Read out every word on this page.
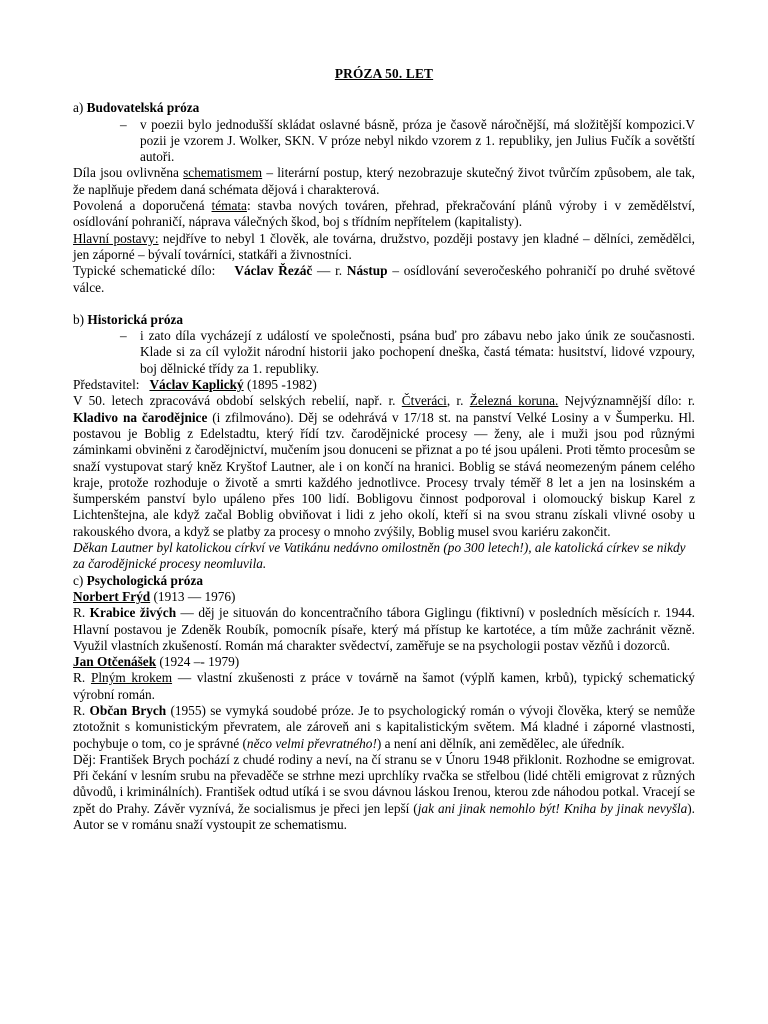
PRÓZA 50. LET

a) Budovatelská próza

– v poezii bylo jednodušší skládat oslavné básně, próza je časově náročnější, má složitější kompozici.V pozii je vzorem J. Wolker, SKN. V próze nebyl nikdo vzorem z 1. republiky, jen Julius Fučík a sovětští autoři.

Díla jsou ovlivněna schematismem – literární postup, který nezobrazuje skutečný život tvůrčím způsobem, ale tak, že naplňuje předem daná schémata dějová i charakterová.

Povolená a doporučená témata: stavba nových továren, přehrad, překračování plánů výroby i v zemědělství, osídlování pohraničí, náprava válečných škod, boj s třídním nepřítelem (kapitalisty).

Hlavní postavy: nejdříve to nebyl 1 člověk, ale továrna, družstvo, později postavy jen kladné – dělníci, zemědělci, jen záporné – bývalí továrníci, statkáři a živnostníci.

Typické schematické dílo:    Václav Řezáč — r. Nástup – osídlování severočeského pohraničí po druhé světové válce.

b) Historická próza

– i zato díla vycházejí z událostí ve společnosti, psána buď pro zábavu nebo jako únik ze současnosti. Klade si za cíl vyložit národní historii jako pochopení dneška, častá témata: husitství, lidové vzpoury, boj dělnické třídy za 1. republiky.

Představitel:   Václav Kaplický (1895 -1982)

V 50. letech zpracovává období selských rebelií, např. r. Čtveráci, r. Železná koruna. Nejvýznamnější dílo: r. Kladivo na čarodějnice (i zfilmováno). Děj se odehrává v 17/18 st. na panství Velké Losiny a v Šumperku. Hl. postavou je Boblig z Edelstadtu, který řídí tzv. čarodějnické procesy — ženy, ale i muži jsou pod různými záminkami obviněni z čarodějnictví, mučením jsou donuceni se přiznat a po té jsou upáleni. Proti těmto procesům se snaží vystupovat starý kněz Kryštof Lautner, ale i on končí na hranici. Boblig se stává neomezeným pánem celého kraje, protože rozhoduje o životě a smrti každého jednotlivce. Procesy trvaly téměř 8 let a jen na losinském a šumperském panství bylo upáleno přes 100 lidí. Bobligovu činnost podporoval i olomoucký biskup Karel z Lichtenštejna, ale když začal Boblig obviňovat i lidi z jeho okolí, kteří si na svou stranu získali vlivné osoby u rakouského dvora, a když se platby za procesy o mnoho zvýšily, Boblig musel svou kariéru zakončit.

Děkan Lautner byl katolickou církví ve Vatikánu nedávno omilostněn (po 300 letech!), ale katolická církev se nikdy za čarodějnické procesy neomluvila.

c) Psychologická próza

Norbert Frýd (1913 — 1976)

R. Krabice živých — děj je situován do koncentračního tábora Giglingu (fiktivní) v posledních měsících r. 1944. Hlavní postavou je Zdeněk Roubík, pomocník písaře, který má přístup ke kartotéce, a tím může zachránit vězně. Využil vlastních zkušeností. Román má charakter svědectví, zaměřuje se na psychologii postav vězňů i dozorců.

Jan Otčenášek (1924 –- 1979)

R. Plným krokem — vlastní zkušenosti z práce v továrně na šamot (výplň kamen, krbů), typický schematický výrobní román.

R. Občan Brych (1955) se vymyká soudobé próze. Je to psychologický román o vývoji člověka, který se nemůže ztotožnit s komunistickým převratem, ale zároveň ani s kapitalistickým světem. Má kladné i záporné vlastnosti, pochybuje o tom, co je správné (něco velmi převratného!) a není ani dělník, ani zemědělec, ale úředník.

Děj: František Brych pochází z chudé rodiny a neví, na čí stranu se v Únoru 1948 přiklonit. Rozhodne se emigrovat. Při čekání v lesním srubu na převaděče se strhne mezi uprchlíky rvačka se střelbou (lidé chtěli emigrovat z různých důvodů, i kriminálních). František odtud utíká i se svou dávnou láskou Irenou, kterou zde náhodou potkal. Vracejí se zpět do Prahy. Závěr vyznívá, že socialismus je přeci jen lepší (jak ani jinak nemohlo být! Kniha by jinak nevyšla). Autor se v románu snaží vystoupit ze schematismu.
